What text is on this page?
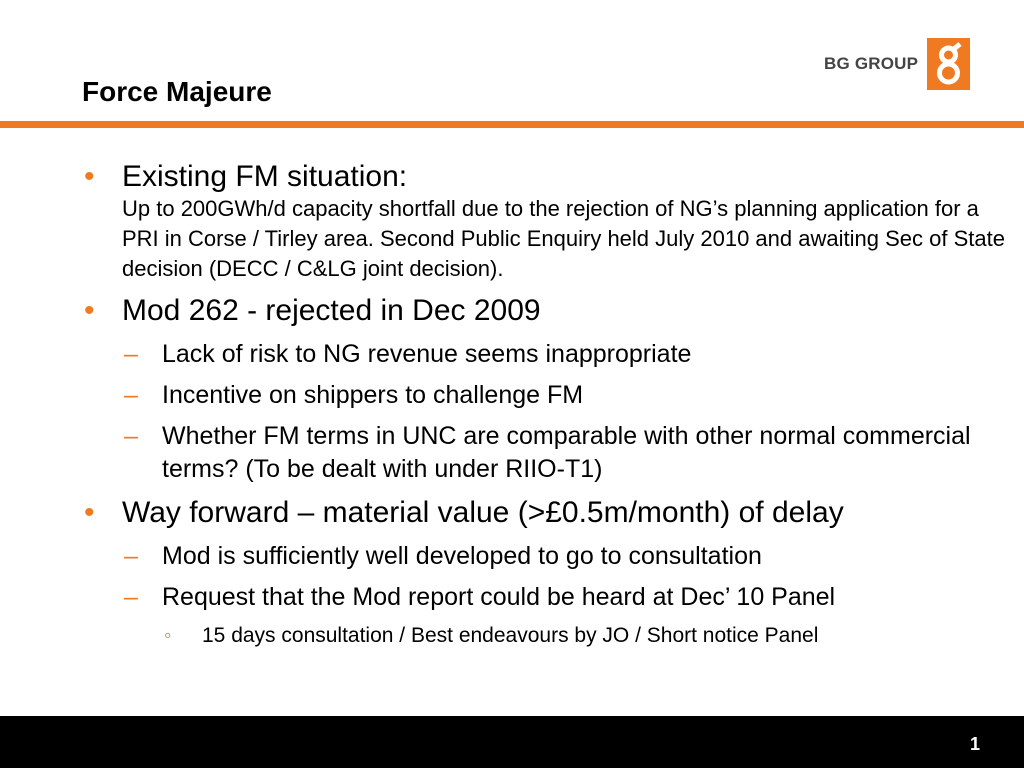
Force Majeure
BG GROUP
• Existing FM situation:
Up to 200GWh/d capacity shortfall due to the rejection of NG’s planning application for a PRI in Corse / Tirley area. Second Public Enquiry held July 2010 and awaiting Sec of State decision (DECC / C&LG joint decision).
• Mod 262 - rejected in Dec 2009
– Lack of risk to NG revenue seems inappropriate
– Incentive on shippers to challenge FM
– Whether FM terms in UNC are comparable with other normal commercial terms? (To be dealt with under RIIO-T1)
• Way forward – material value (>£0.5m/month) of delay
– Mod is sufficiently well developed to go to consultation
– Request that the Mod report could be heard at Dec’ 10 Panel
◦ 15 days consultation / Best endeavours by JO / Short notice Panel
1
